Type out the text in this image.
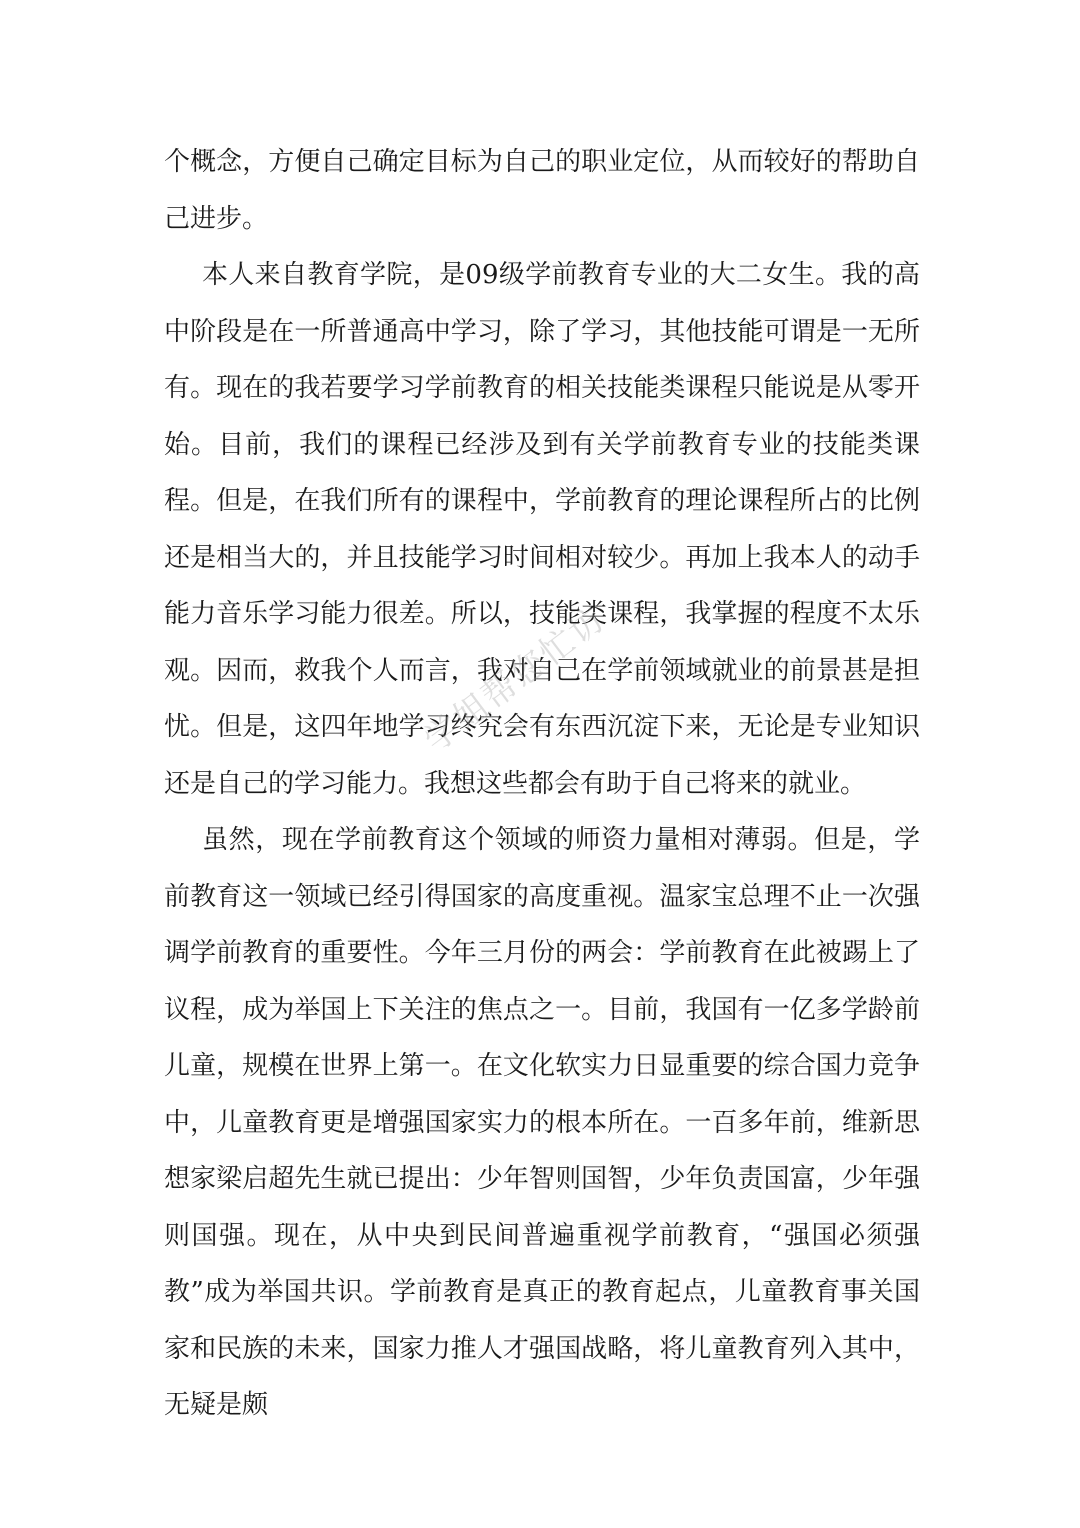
个概念，方便自己确定目标为自己的职业定位，从而较好的帮助自己进步。

本人来自教育学院，是09级学前教育专业的大二女生。我的高中阶段是在一所普通高中学习，除了学习，其他技能可谓是一无所有。现在的我若要学习学前教育的相关技能类课程只能说是从零开始。目前，我们的课程已经涉及到有关学前教育专业的技能类课程。但是，在我们所有的课程中，学前教育的理论课程所占的比例还是相当大的，并且技能学习时间相对较少。再加上我本人的动手能力音乐学习能力很差。所以，技能类课程，我掌握的程度不太乐观。因而，救我个人而言，我对自己在学前领域就业的前景甚是担忧。但是，这四年地学习终究会有东西沉淀下来，无论是专业知识还是自己的学习能力。我想这些都会有助于自己将来的就业。

虽然，现在学前教育这个领域的师资力量相对薄弱。但是，学前教育这一领域已经引得国家的高度重视。温家宝总理不止一次强调学前教育的重要性。今年三月份的两会：学前教育在此被踢上了议程，成为举国上下关注的焦点之一。目前，我国有一亿多学龄前儿童，规模在世界上第一。在文化软实力日显重要的综合国力竞争中，儿童教育更是增强国家实力的根本所在。一百多年前，维新思想家梁启超先生就已提出：少年智则国智，少年负责国富，少年强则国强。现在，从中央到民间普遍重视学前教育，“强国必须强教”成为举国共识。学前教育是真正的教育起点，儿童教育事关国家和民族的未来，国家力推人才强国战略，将儿童教育列入其中，无疑是颇

学姐帮您忙访
